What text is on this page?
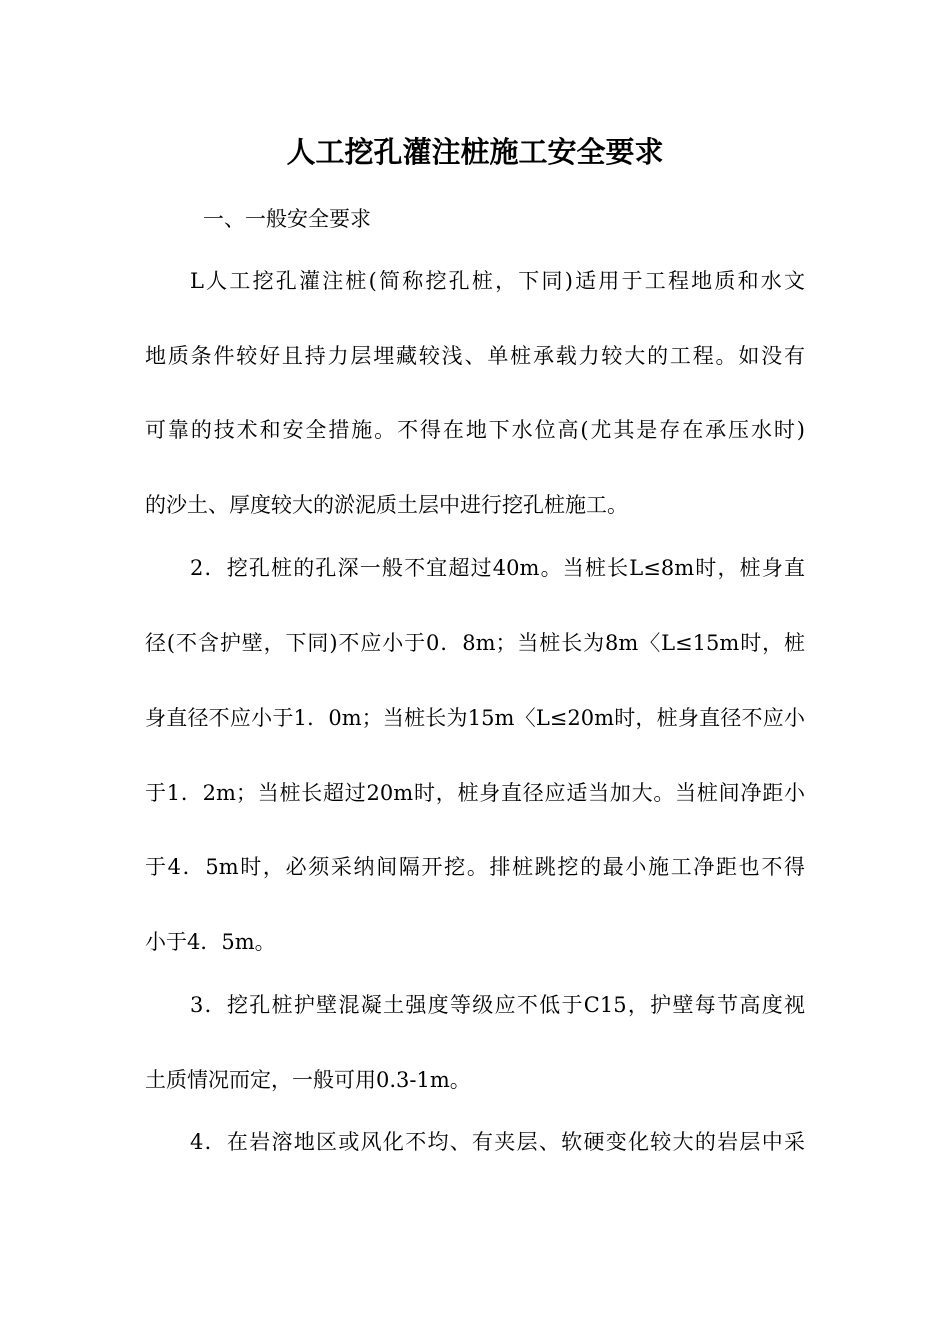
人工挖孔灌注桩施工安全要求
一、一般安全要求
L人工挖孔灌注桩(简称挖孔桩，下同)适用于工程地质和水文
地质条件较好且持力层埋藏较浅、单桩承载力较大的工程。如没有
可靠的技术和安全措施。不得在地下水位高(尤其是存在承压水时)
的沙土、厚度较大的淤泥质土层中进行挖孔桩施工。
2．挖孔桩的孔深一般不宜超过40m。当桩长L≤8m时，桩身直
径(不含护壁，下同)不应小于0．8m；当桩长为8m〈L≤15m时，桩
身直径不应小于1．0m；当桩长为15m〈L≤20m时，桩身直径不应小
于1．2m；当桩长超过20m时，桩身直径应适当加大。当桩间净距小
于4．5m时，必须采纳间隔开挖。排桩跳挖的最小施工净距也不得
小于4．5m。
3．挖孔桩护壁混凝土强度等级应不低于C15，护壁每节高度视
土质情况而定，一般可用0.3-1m。
4．在岩溶地区或风化不均、有夹层、软硬变化较大的岩层中采
